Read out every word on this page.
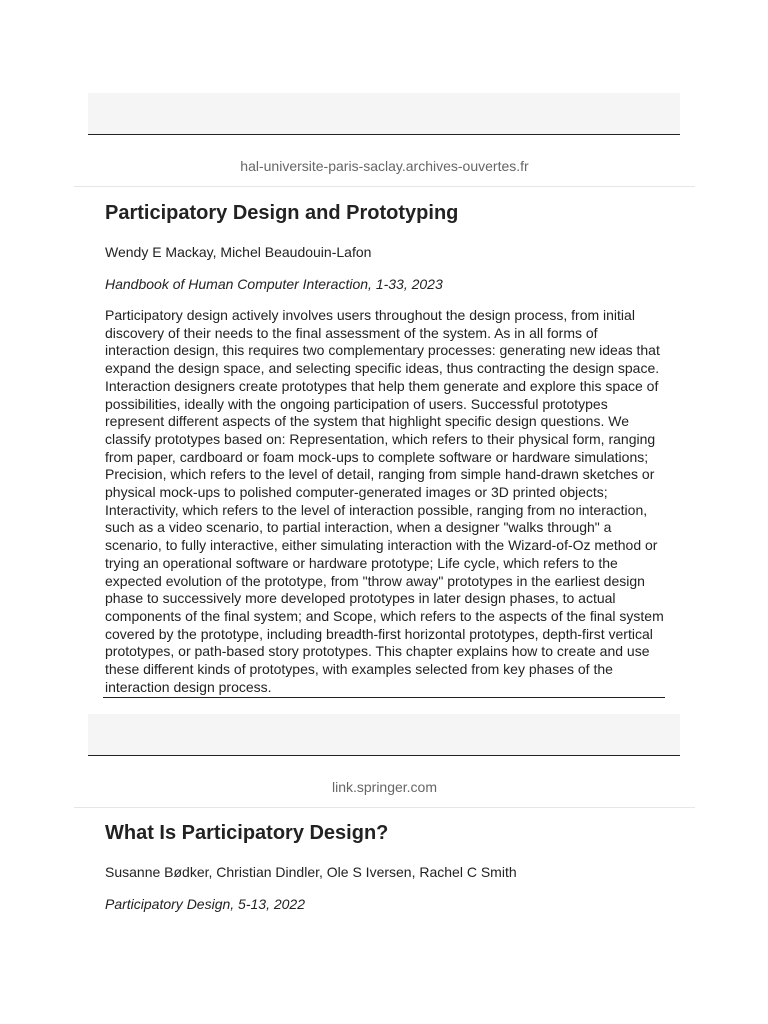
hal-universite-paris-saclay.archives-ouvertes.fr
Participatory Design and Prototyping
Wendy E Mackay, Michel Beaudouin-Lafon
Handbook of Human Computer Interaction, 1-33, 2023

Participatory design actively involves users throughout the design process, from initial discovery of their needs to the final assessment of the system. As in all forms of interaction design, this requires two complementary processes: generating new ideas that expand the design space, and selecting specific ideas, thus contracting the design space. Interaction designers create prototypes that help them generate and explore this space of possibilities, ideally with the ongoing participation of users. Successful prototypes represent different aspects of the system that highlight specific design questions. We classify prototypes based on: Representation, which refers to their physical form, ranging from paper, cardboard or foam mock-ups to complete software or hardware simulations; Precision, which refers to the level of detail, ranging from simple hand-drawn sketches or physical mock-ups to polished computer-generated images or 3D printed objects; Interactivity, which refers to the level of interaction possible, ranging from no interaction, such as a video scenario, to partial interaction, when a designer "walks through" a scenario, to fully interactive, either simulating interaction with the Wizard-of-Oz method or trying an operational software or hardware prototype; Life cycle, which refers to the expected evolution of the prototype, from "throw away" prototypes in the earliest design phase to successively more developed prototypes in later design phases, to actual components of the final system; and Scope, which refers to the aspects of the final system covered by the prototype, including breadth-first horizontal prototypes, depth-first vertical prototypes, or path-based story prototypes. This chapter explains how to create and use these different kinds of prototypes, with examples selected from key phases of the interaction design process.

link.springer.com
What Is Participatory Design?
Susanne Bødker, Christian Dindler, Ole S Iversen, Rachel C Smith
Participatory Design, 5-13, 2022
